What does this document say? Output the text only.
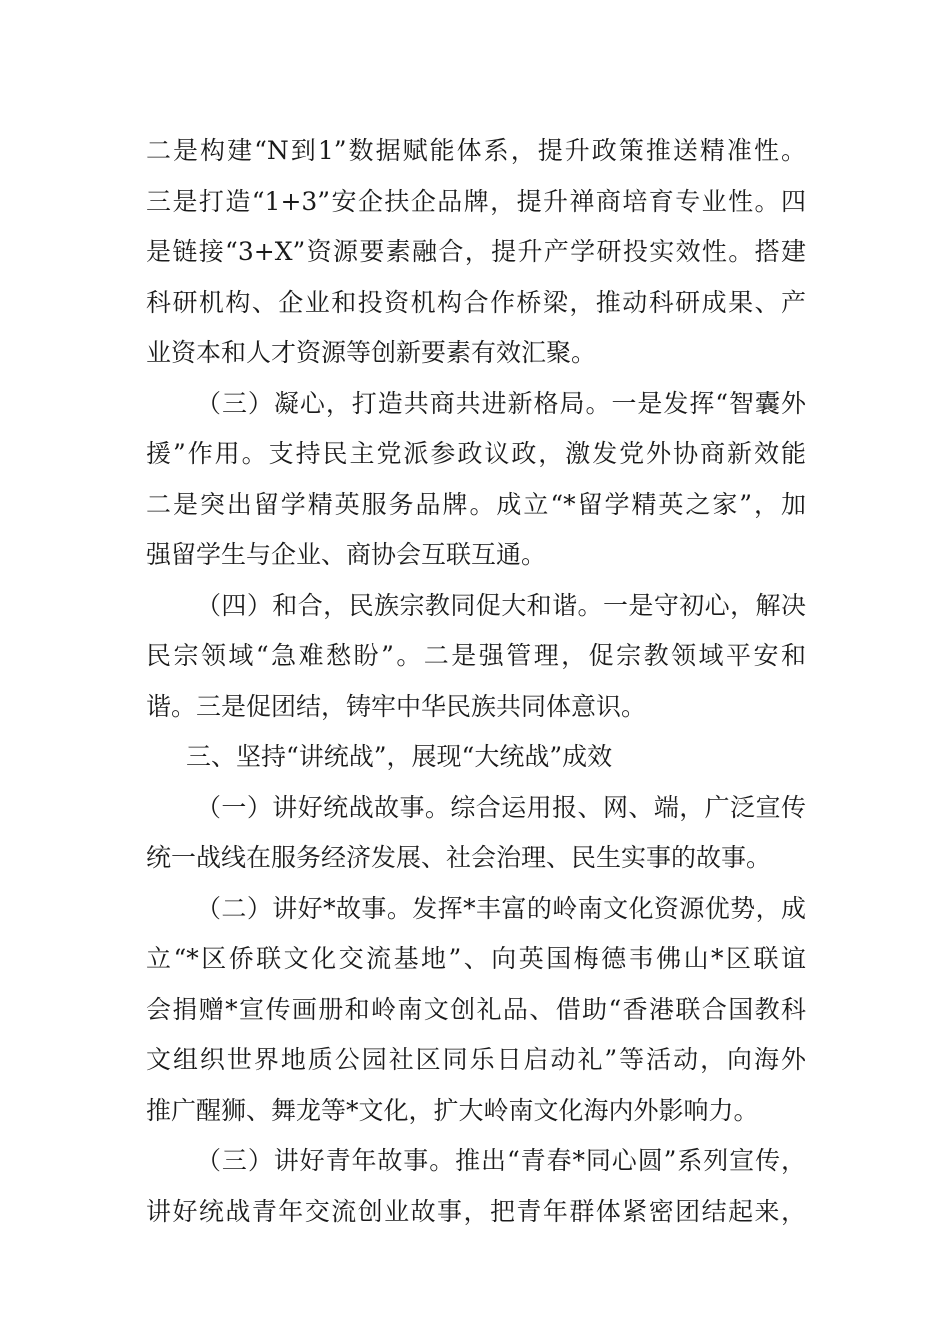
二是构建“N到1”数据赋能体系，提升政策推送精准性。
三是打造“1+3”安企扶企品牌，提升禅商培育专业性。四
是链接“3+X”资源要素融合，提升产学研投实效性。搭建
科研机构、企业和投资机构合作桥梁，推动科研成果、产
业资本和人才资源等创新要素有效汇聚。

（三）凝心，打造共商共进新格局。一是发挥“智囊外
援”作用。支持民主党派参政议政，激发党外协商新效能
二是突出留学精英服务品牌。成立“*留学精英之家”，加
强留学生与企业、商协会互联互通。

（四）和合，民族宗教同促大和谐。一是守初心，解决
民宗领域“急难愁盼”。二是强管理，促宗教领域平安和
谐。三是促团结，铸牢中华民族共同体意识。

三、坚持“讲统战”，展现“大统战”成效

（一）讲好统战故事。综合运用报、网、端，广泛宣传
统一战线在服务经济发展、社会治理、民生实事的故事。

（二）讲好*故事。发挥*丰富的岭南文化资源优势，成
立“*区侨联文化交流基地”、向英国梅德韦佛山*区联谊
会捐赠*宣传画册和岭南文创礼品、借助“香港联合国教科
文组织世界地质公园社区同乐日启动礼”等活动，向海外
推广醒狮、舞龙等*文化，扩大岭南文化海内外影响力。

（三）讲好青年故事。推出“青春*同心圆”系列宣传，
讲好统战青年交流创业故事，把青年群体紧密团结起来，
